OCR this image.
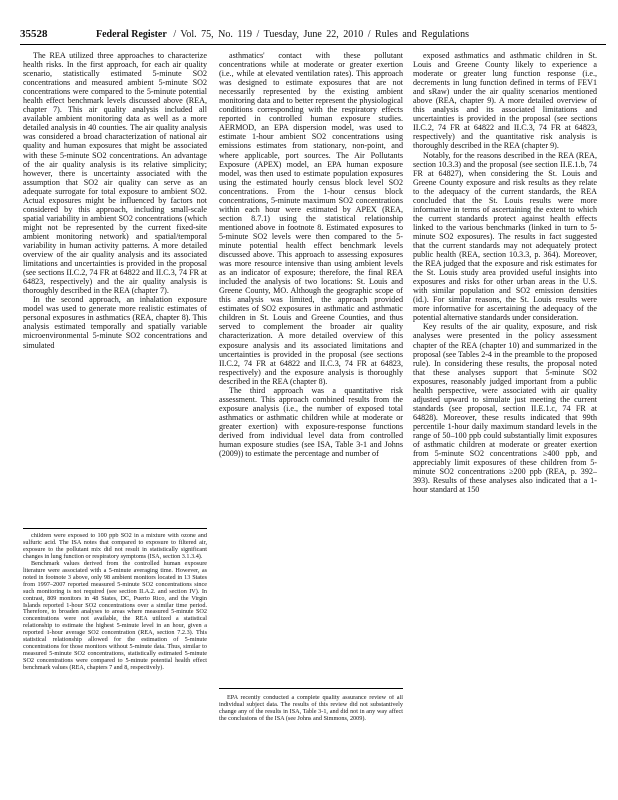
35528	Federal Register / Vol. 75, No. 119 / Tuesday, June 22, 2010 / Rules and Regulations

The REA utilized three approaches to characterize health risks. In the first approach, for each air quality scenario, statistically estimated 5-minute SO2 concentrations and measured ambient 5-minute SO2 concentrations were compared to the 5-minute potential health effect benchmark levels discussed above (REA, chapter 7). This air quality analysis included all available ambient monitoring data as well as a more detailed analysis in 40 counties. The air quality analysis was considered a broad characterization of national air quality and human exposures that might be associated with these 5-minute SO2 concentrations. An advantage of the air quality analysis is its relative simplicity; however, there is uncertainty associated with the assumption that SO2 air quality can serve as an adequate surrogate for total exposure to ambient SO2. Actual exposures might be influenced by factors not considered by this approach, including small-scale spatial variability in ambient SO2 concentrations (which might not be represented by the current fixed-site ambient monitoring network) and spatial/temporal variability in human activity patterns. A more detailed overview of the air quality analysis and its associated limitations and uncertainties is provided in the proposal (see sections II.C.2, 74 FR at 64822 and II.C.3, 74 FR at 64823, respectively) and the air quality analysis is thoroughly described in the REA (chapter 7).

In the second approach, an inhalation exposure model was used to generate more realistic estimates of personal exposures in asthmatics (REA, chapter 8). This analysis estimated temporally and spatially variable microenvironmental 5-minute SO2 concentrations and simulated

asthmatics' contact with these pollutant concentrations while at moderate or greater exertion (i.e., while at elevated ventilation rates). This approach was designed to estimate exposures that are not necessarily represented by the existing ambient monitoring data and to better represent the physiological conditions corresponding with the respiratory effects reported in controlled human exposure studies. AERMOD, an EPA dispersion model, was used to estimate 1-hour ambient SO2 concentrations using emissions estimates from stationary, non-point, and where applicable, port sources. The Air Pollutants Exposure (APEX) model, an EPA human exposure model, was then used to estimate population exposures using the estimated hourly census block level SO2 concentrations. From the 1-hour census block concentrations, 5-minute maximum SO2 concentrations within each hour were estimated by APEX (REA, section 8.7.1) using the statistical relationship mentioned above in footnote 8. Estimated exposures to 5-minute SO2 levels were then compared to the 5-minute potential health effect benchmark levels discussed above. This approach to assessing exposures was more resource intensive than using ambient levels as an indicator of exposure; therefore, the final REA included the analysis of two locations: St. Louis and Greene County, MO. Although the geographic scope of this analysis was limited, the approach provided estimates of SO2 exposures in asthmatic and asthmatic children in St. Louis and Greene Counties, and thus served to complement the broader air quality characterization. A more detailed overview of this exposure analysis and its associated limitations and uncertainties is provided in the proposal (see sections II.C.2, 74 FR at 64822 and II.C.3, 74 FR at 64823, respectively) and the exposure analysis is thoroughly described in the REA (chapter 8).

The third approach was a quantitative risk assessment. This approach combined results from the exposure analysis (i.e., the number of exposed total asthmatics or asthmatic children while at moderate or greater exertion) with exposure-response functions derived from individual level data from controlled human exposure studies (see ISA, Table 3-1 and Johns (2009)) to estimate the percentage and number of

exposed asthmatics and asthmatic children in St. Louis and Greene County likely to experience a moderate or greater lung function response (i.e., decrements in lung function defined in terms of FEV1 and sRaw) under the air quality scenarios mentioned above (REA, chapter 9). A more detailed overview of this analysis and its associated limitations and uncertainties is provided in the proposal (see sections II.C.2, 74 FR at 64822 and II.C.3, 74 FR at 64823, respectively) and the quantitative risk analysis is thoroughly described in the REA (chapter 9).

Notably, for the reasons described in the REA (REA, section 10.3.3) and the proposal (see section II.E.1.b, 74 FR at 64827), when considering the St. Louis and Greene County exposure and risk results as they relate to the adequacy of the current standards, the REA concluded that the St. Louis results were more informative in terms of ascertaining the extent to which the current standards protect against health effects linked to the various benchmarks (linked in turn to 5-minute SO2 exposures). The results in fact suggested that the current standards may not adequately protect public health (REA, section 10.3.3, p. 364). Moreover, the REA judged that the exposure and risk estimates for the St. Louis study area provided useful insights into exposures and risks for other urban areas in the U.S. with similar population and SO2 emission densities (id.). For similar reasons, the St. Louis results were more informative for ascertaining the adequacy of the potential alternative standards under consideration.

Key results of the air quality, exposure, and risk analyses were presented in the policy assessment chapter of the REA (chapter 10) and summarized in the proposal (see Tables 2-4 in the preamble to the proposed rule). In considering these results, the proposal noted that these analyses support that 5-minute SO2 exposures, reasonably judged important from a public health perspective, were associated with air quality adjusted upward to simulate just meeting the current standards (see proposal, section II.E.1.c, 74 FR at 64828). Moreover, these results indicated that 99th percentile 1-hour daily maximum standard levels in the range of 50–100 ppb could substantially limit exposures of asthmatic children at moderate or greater exertion from 5-minute SO2 concentrations ≥400 ppb, and appreciably limit exposures of these children from 5-minute SO2 concentrations ≥200 ppb (REA, p. 392–393). Results of these analyses also indicated that a 1-hour standard at 150

children were exposed to 100 ppb SO2 in a mixture with ozone and sulfuric acid. The ISA notes that compared to exposure to filtered air, exposure to the pollutant mix did not result in statistically significant changes in lung function or respiratory symptoms (ISA, section 3.1.3.4).

Benchmark values derived from the controlled human exposure literature were associated with a 5-minute averaging time. However, as noted in footnote 3 above, only 98 ambient monitors located in 13 States from 1997–2007 reported measured 5-minute SO2 concentrations since such monitoring is not required (see section II.A.2. and section IV). In contrast, 809 monitors in 48 States, DC, Puerto Rico, and the Virgin Islands reported 1-hour SO2 concentrations over a similar time period. Therefore, to broaden analyses to areas where measured 5-minute SO2 concentrations were not available, the REA utilized a statistical relationship to estimate the highest 5-minute level in an hour, given a reported 1-hour average SO2 concentration (REA, section 7.2.3). This statistical relationship allowed for the estimation of 5-minute concentrations for those monitors without 5-minute data. Thus, similar to measured 5-minute SO2 concentrations, statistically estimated 5-minute SO2 concentrations were compared to 5-minute potential health effect benchmark values (REA, chapters 7 and 8, respectively).

EPA recently conducted a complete quality assurance review of all individual subject data. The results of this review did not substantively change any of the results in ISA, Table 3-1, and did not in any way affect the conclusions of the ISA (see Johns and Simmons, 2009).
